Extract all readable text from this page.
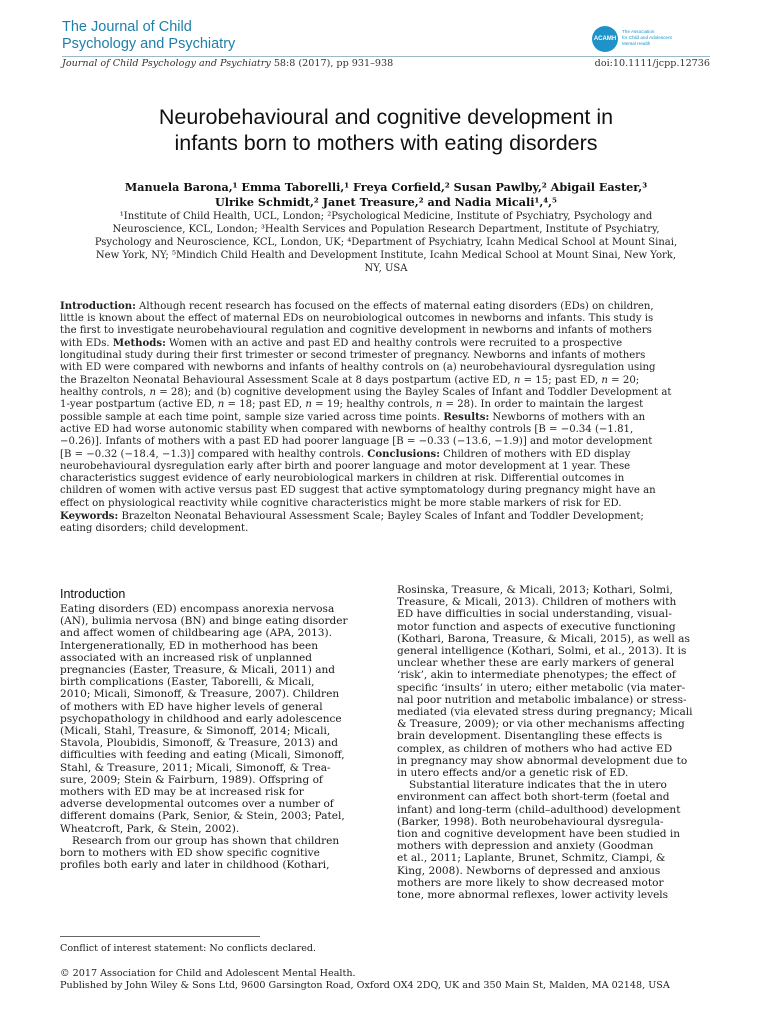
The Journal of Child
Psychology and Psychiatry	ACAMH
The Association
for Child and Adolescent
Mental Health
Journal of Child Psychology and Psychiatry 58:8 (2017), pp 931–938	doi:10.1111/jcpp.12736
Neurobehavioural and cognitive development in
infants born to mothers with eating disorders
Manuela Barona,¹ Emma Taborelli,¹ Freya Corfield,² Susan Pawlby,² Abigail Easter,³
Ulrike Schmidt,² Janet Treasure,² and Nadia Micali¹,⁴,⁵
¹Institute of Child Health, UCL, London; ²Psychological Medicine, Institute of Psychiatry, Psychology and
Neuroscience, KCL, London; ³Health Services and Population Research Department, Institute of Psychiatry,
Psychology and Neuroscience, KCL, London, UK; ⁴Department of Psychiatry, Icahn Medical School at Mount Sinai,
New York, NY; ⁵Mindich Child Health and Development Institute, Icahn Medical School at Mount Sinai, New York,
NY, USA
Introduction: Although recent research has focused on the effects of maternal eating disorders (EDs) on children,
little is known about the effect of maternal EDs on neurobiological outcomes in newborns and infants. This study is
the first to investigate neurobehavioural regulation and cognitive development in newborns and infants of mothers
with EDs. Methods: Women with an active and past ED and healthy controls were recruited to a prospective
longitudinal study during their first trimester or second trimester of pregnancy. Newborns and infants of mothers
with ED were compared with newborns and infants of healthy controls on (a) neurobehavioural dysregulation using
the Brazelton Neonatal Behavioural Assessment Scale at 8 days postpartum (active ED, n = 15; past ED, n = 20;
healthy controls, n = 28); and (b) cognitive development using the Bayley Scales of Infant and Toddler Development at
1-year postpartum (active ED, n = 18; past ED, n = 19; healthy controls, n = 28). In order to maintain the largest
possible sample at each time point, sample size varied across time points. Results: Newborns of mothers with an
active ED had worse autonomic stability when compared with newborns of healthy controls [B = −0.34 (−1.81,
−0.26)]. Infants of mothers with a past ED had poorer language [B = −0.33 (−13.6, −1.9)] and motor development
[B = −0.32 (−18.4, −1.3)] compared with healthy controls. Conclusions: Children of mothers with ED display
neurobehavioural dysregulation early after birth and poorer language and motor development at 1 year. These
characteristics suggest evidence of early neurobiological markers in children at risk. Differential outcomes in
children of women with active versus past ED suggest that active symptomatology during pregnancy might have an
effect on physiological reactivity while cognitive characteristics might be more stable markers of risk for ED.
Keywords: Brazelton Neonatal Behavioural Assessment Scale; Bayley Scales of Infant and Toddler Development;
eating disorders; child development.
Introduction
Eating disorders (ED) encompass anorexia nervosa
(AN), bulimia nervosa (BN) and binge eating disorder
and affect women of childbearing age (APA, 2013).
Intergenerationally, ED in motherhood has been
associated with an increased risk of unplanned
pregnancies (Easter, Treasure, & Micali, 2011) and
birth complications (Easter, Taborelli, & Micali,
2010; Micali, Simonoff, & Treasure, 2007). Children
of mothers with ED have higher levels of general
psychopathology in childhood and early adolescence
(Micali, Stahl, Treasure, & Simonoff, 2014; Micali,
Stavola, Ploubidis, Simonoff, & Treasure, 2013) and
difficulties with feeding and eating (Micali, Simonoff,
Stahl, & Treasure, 2011; Micali, Simonoff, & Trea-
sure, 2009; Stein & Fairburn, 1989). Offspring of
mothers with ED may be at increased risk for
adverse developmental outcomes over a number of
different domains (Park, Senior, & Stein, 2003; Patel,
Wheatcroft, Park, & Stein, 2002).
Research from our group has shown that children
born to mothers with ED show specific cognitive
profiles both early and later in childhood (Kothari,
Rosinska, Treasure, & Micali, 2013; Kothari, Solmi,
Treasure, & Micali, 2013). Children of mothers with
ED have difficulties in social understanding, visual-
motor function and aspects of executive functioning
(Kothari, Barona, Treasure, & Micali, 2015), as well as
general intelligence (Kothari, Solmi, et al., 2013). It is
unclear whether these are early markers of general
‘risk’, akin to intermediate phenotypes; the effect of
specific ‘insults’ in utero; either metabolic (via mater-
nal poor nutrition and metabolic imbalance) or stress-
mediated (via elevated stress during pregnancy; Micali
& Treasure, 2009); or via other mechanisms affecting
brain development. Disentangling these effects is
complex, as children of mothers who had active ED
in pregnancy may show abnormal development due to
in utero effects and/or a genetic risk of ED.
Substantial literature indicates that the in utero
environment can affect both short-term (foetal and
infant) and long-term (child–adulthood) development
(Barker, 1998). Both neurobehavioural dysregula-
tion and cognitive development have been studied in
mothers with depression and anxiety (Goodman
et al., 2011; Laplante, Brunet, Schmitz, Ciampi, &
King, 2008). Newborns of depressed and anxious
mothers are more likely to show decreased motor
tone, more abnormal reflexes, lower activity levels
Conflict of interest statement: No conflicts declared.
© 2017 Association for Child and Adolescent Mental Health.
Published by John Wiley & Sons Ltd, 9600 Garsington Road, Oxford OX4 2DQ, UK and 350 Main St, Malden, MA 02148, USA
